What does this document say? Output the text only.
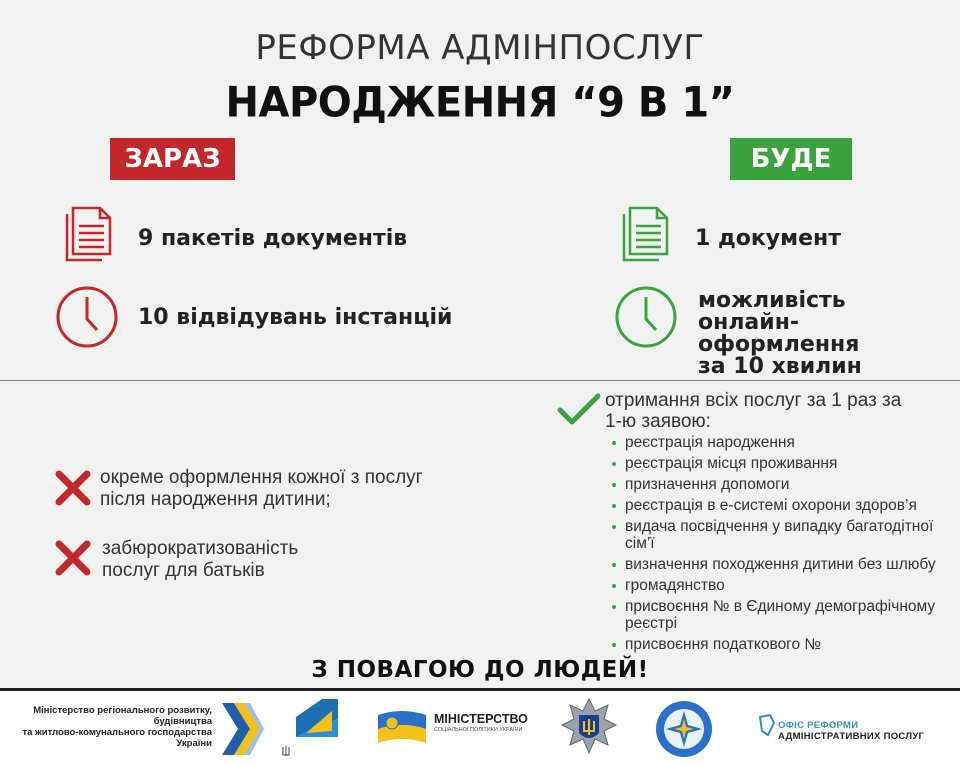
РЕФОРМА АДМІНПОСЛУГ
НАРОДЖЕННЯ “9 В 1”
ЗАРАЗ	БУДЕ
9 пакетів документів
10 відвідувань інстанцій
1 документ
можливість
онлайн-оформлення
за 10 хвилин
окреме оформлення кожної з послуг
після народження дитини;
забюрократизованість
послуг для батьків
отримання всіх послуг за 1 раз за
1-ю заявою:
реєстрація народження
реєстрація місця проживання
призначення допомоги
реєстрація в е-системі охорони здоров’я
видача посвідчення у випадку багатодітної сім’ї
визначення походження дитини без шлюбу
громадянство
присвоєння № в Єдиному демографічному реєстрі
присвоєння податкового №
З ПОВАГОЮ ДО ЛЮДЕЙ!
Міністерство регіонального розвитку,
будівництва
та житлово-комунального господарства
України
МІНІСТЕРСТВО
СОЦІАЛЬНОЇ ПОЛІТИКИ УКРАЇНИ	ОФІС РЕФОРМИ АДМІНІСТРАТИВНИХ ПОСЛУГ
